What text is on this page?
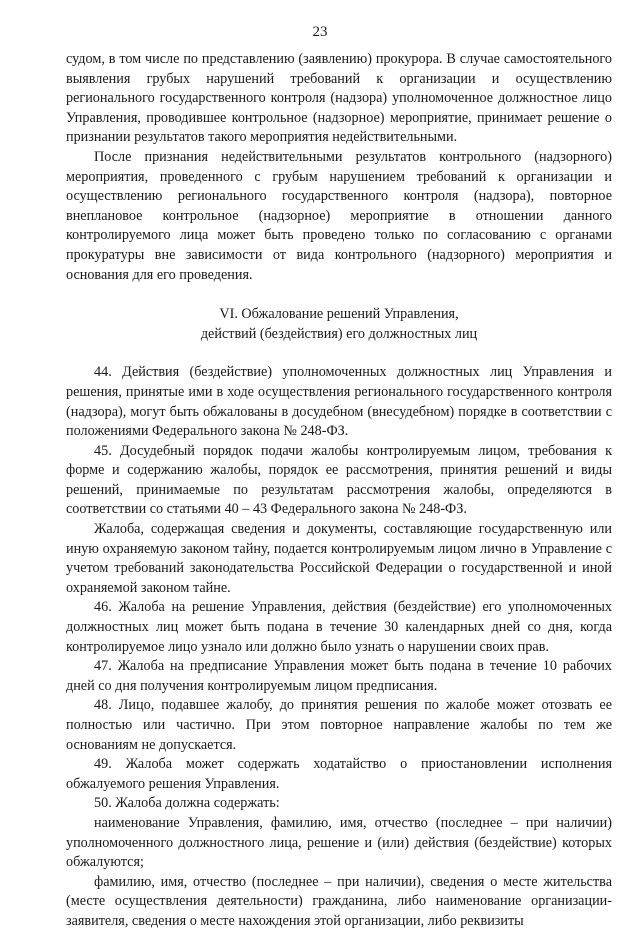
23

судом, в том числе по представлению (заявлению) прокурора. В случае самостоятельного выявления грубых нарушений требований к организации и осуществлению регионального государственного контроля (надзора) уполномоченное должностное лицо Управления, проводившее контрольное (надзорное) мероприятие, принимает решение о признании результатов такого мероприятия недействительными.

После признания недействительными результатов контрольного (надзорного) мероприятия, проведенного с грубым нарушением требований к организации и осуществлению регионального государственного контроля (надзора), повторное внеплановое контрольное (надзорное) мероприятие в отношении данного контролируемого лица может быть проведено только по согласованию с органами прокуратуры вне зависимости от вида контрольного (надзорного) мероприятия и основания для его проведения.

VI. Обжалование решений Управления,
действий (бездействия) его должностных лиц

44. Действия (бездействие) уполномоченных должностных лиц Управления и решения, принятые ими в ходе осуществления регионального государственного контроля (надзора), могут быть обжалованы в досудебном (внесудебном) порядке в соответствии с положениями Федерального закона № 248-ФЗ.

45. Досудебный порядок подачи жалобы контролируемым лицом, требования к форме и содержанию жалобы, порядок ее рассмотрения, принятия решений и виды решений, принимаемые по результатам рассмотрения жалобы, определяются в соответствии со статьями 40 – 43 Федерального закона № 248-ФЗ.

Жалоба, содержащая сведения и документы, составляющие государственную или иную охраняемую законом тайну, подается контролируемым лицом лично в Управление с учетом требований законодательства Российской Федерации о государственной и иной охраняемой законом тайне.

46. Жалоба на решение Управления, действия (бездействие) его уполномоченных должностных лиц может быть подана в течение 30 календарных дней со дня, когда контролируемое лицо узнало или должно было узнать о нарушении своих прав.

47. Жалоба на предписание Управления может быть подана в течение 10 рабочих дней со дня получения контролируемым лицом предписания.

48. Лицо, подавшее жалобу, до принятия решения по жалобе может отозвать ее полностью или частично. При этом повторное направление жалобы по тем же основаниям не допускается.

49. Жалоба может содержать ходатайство о приостановлении исполнения обжалуемого решения Управления.

50. Жалоба должна содержать:

наименование Управления, фамилию, имя, отчество (последнее – при наличии) уполномоченного должностного лица, решение и (или) действия (бездействие) которых обжалуются;

фамилию, имя, отчество (последнее – при наличии), сведения о месте жительства (месте осуществления деятельности) гражданина, либо наименование организации-заявителя, сведения о месте нахождения этой организации, либо реквизиты
